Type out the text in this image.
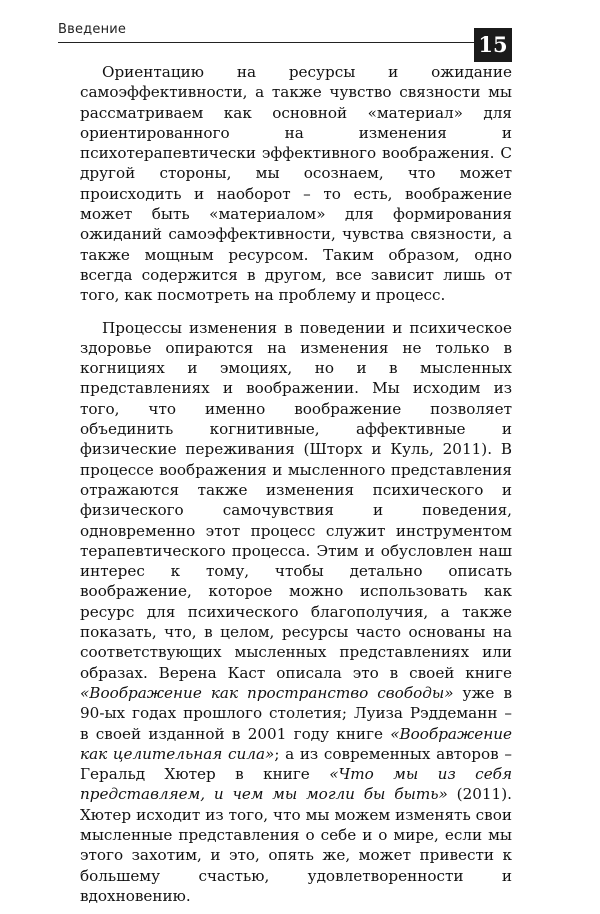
Введение
15

Ориентацию на ресурсы и ожидание самоэффективности, а также чувство связности мы рассматриваем как основной «материал» для ориентированного на изменения и психотерапевтически эффективного воображения. С другой стороны, мы осознаем, что может происходить и наоборот – то есть, воображение может быть «материалом» для формирования ожиданий самоэффективности, чувства связности, а также мощным ресурсом. Таким образом, одно всегда содержится в другом, все зависит лишь от того, как посмотреть на проблему и процесс.

Процессы изменения в поведении и психическое здоровье опираются на изменения не только в когнициях и эмоциях, но и в мысленных представлениях и воображении. Мы исходим из того, что именно воображение позволяет объединить когнитивные, аффективные и физические переживания (Шторх и Куль, 2011). В процессе воображения и мысленного представления отражаются также изменения психического и физического самочувствия и поведения, одновременно этот процесс служит инструментом терапевтического процесса. Этим и обусловлен наш интерес к тому, чтобы детально описать воображение, которое можно использовать как ресурс для психического благополучия, а также показать, что, в целом, ресурсы часто основаны на соответствующих мысленных представлениях или образах. Верена Каст описала это в своей книге «Воображение как пространство свободы» уже в 90-ых годах прошлого столетия; Луиза Рэддеманн – в своей изданной в 2001 году книге «Воображение как целительная сила»; а из современных авторов – Геральд Хютер в книге «Что мы из себя представляем, и чем мы могли бы быть» (2011). Хютер исходит из того, что мы можем изменять свои мысленные представления о себе и о мире, если мы этого захотим, и это, опять же, может привести к большему счастью, удовлетворенности и вдохновению.
